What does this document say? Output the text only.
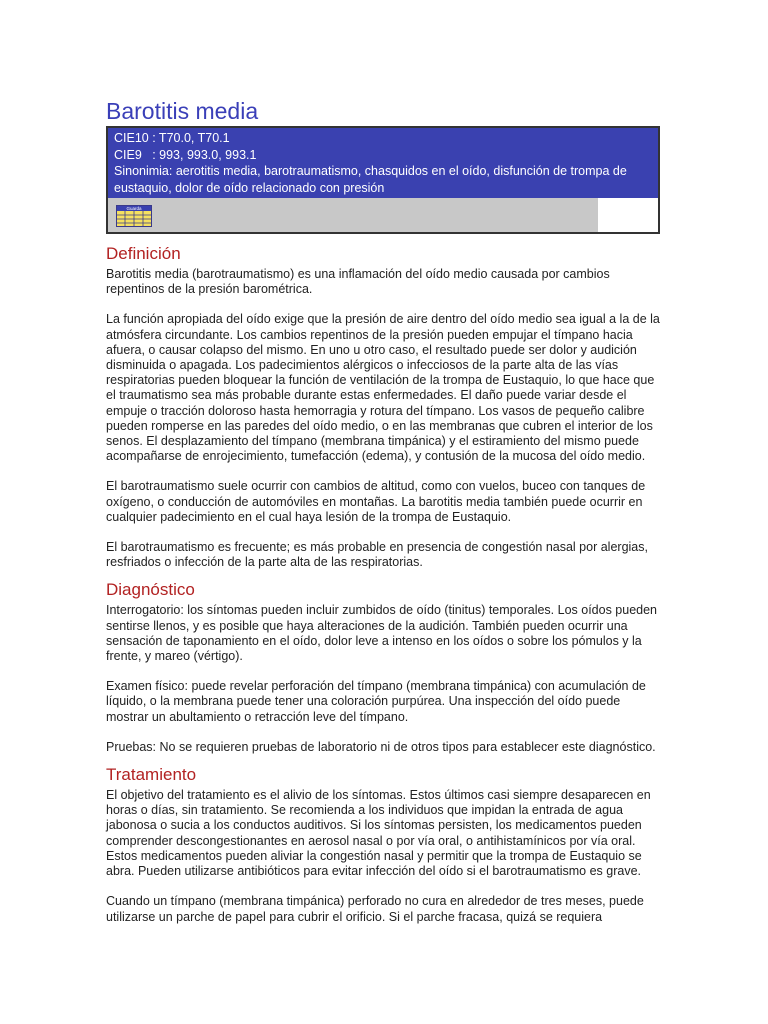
Barotitis media
CIE10 : T70.0, T70.1
CIE9   : 993, 993.0, 993.1
Sinonimia: aerotitis media, barotraumatismo, chasquidos en el oído, disfunción de trompa de eustaquio, dolor de oído relacionado con presión
Guarda
Definición

Barotitis media (barotraumatismo) es una inflamación del oído medio causada por cambios repentinos de la presión barométrica.

La función apropiada del oído exige que la presión de aire dentro del oído medio sea igual a la de la atmósfera circundante. Los cambios repentinos de la presión pueden empujar el tímpano hacia afuera, o causar colapso del mismo. En uno u otro caso, el resultado puede ser dolor y audición disminuida o apagada. Los padecimientos alérgicos o infecciosos de la parte alta de las vías respiratorias pueden bloquear la función de ventilación de la trompa de Eustaquio, lo que hace que el traumatismo sea más probable durante estas enfermedades. El daño puede variar desde el empuje o tracción doloroso hasta hemorragia y rotura del tímpano. Los vasos de pequeño calibre pueden romperse en las paredes del oído medio, o en las membranas que cubren el interior de los senos. El desplazamiento del tímpano (membrana timpánica) y el estiramiento del mismo puede acompañarse de enrojecimiento, tumefacción (edema), y contusión de la mucosa del oído medio.

El barotraumatismo suele ocurrir con cambios de altitud, como con vuelos, buceo con tanques de oxígeno, o conducción de automóviles en montañas. La barotitis media también puede ocurrir en cualquier padecimiento en el cual haya lesión de la trompa de Eustaquio.

El barotraumatismo es frecuente; es más probable en presencia de congestión nasal por alergias, resfriados o infección de la parte alta de las respiratorias.

Diagnóstico

Interrogatorio: los síntomas pueden incluir zumbidos de oído (tinitus) temporales. Los oídos pueden sentirse llenos, y es posible que haya alteraciones de la audición. También pueden ocurrir una sensación de taponamiento en el oído, dolor leve a intenso en los oídos o sobre los pómulos y la frente, y mareo (vértigo).

Examen físico: puede revelar perforación del tímpano (membrana timpánica) con acumulación de líquido, o la membrana puede tener una coloración purpúrea. Una inspección del oído puede mostrar un abultamiento o retracción leve del tímpano.

Pruebas: No se requieren pruebas de laboratorio ni de otros tipos para establecer este diagnóstico.

Tratamiento

El objetivo del tratamiento es el alivio de los síntomas. Estos últimos casi siempre desaparecen en horas o días, sin tratamiento. Se recomienda a los individuos que impidan la entrada de agua jabonosa o sucia a los conductos auditivos. Si los síntomas persisten, los medicamentos pueden comprender descongestionantes en aerosol nasal o por vía oral, o antihistamínicos por vía oral. Estos medicamentos pueden aliviar la congestión nasal y permitir que la trompa de Eustaquio se abra. Pueden utilizarse antibióticos para evitar infección del oído si el barotraumatismo es grave.

Cuando un tímpano (membrana timpánica) perforado no cura en alrededor de tres meses, puede utilizarse un parche de papel para cubrir el orificio. Si el parche fracasa, quizá se requiera
